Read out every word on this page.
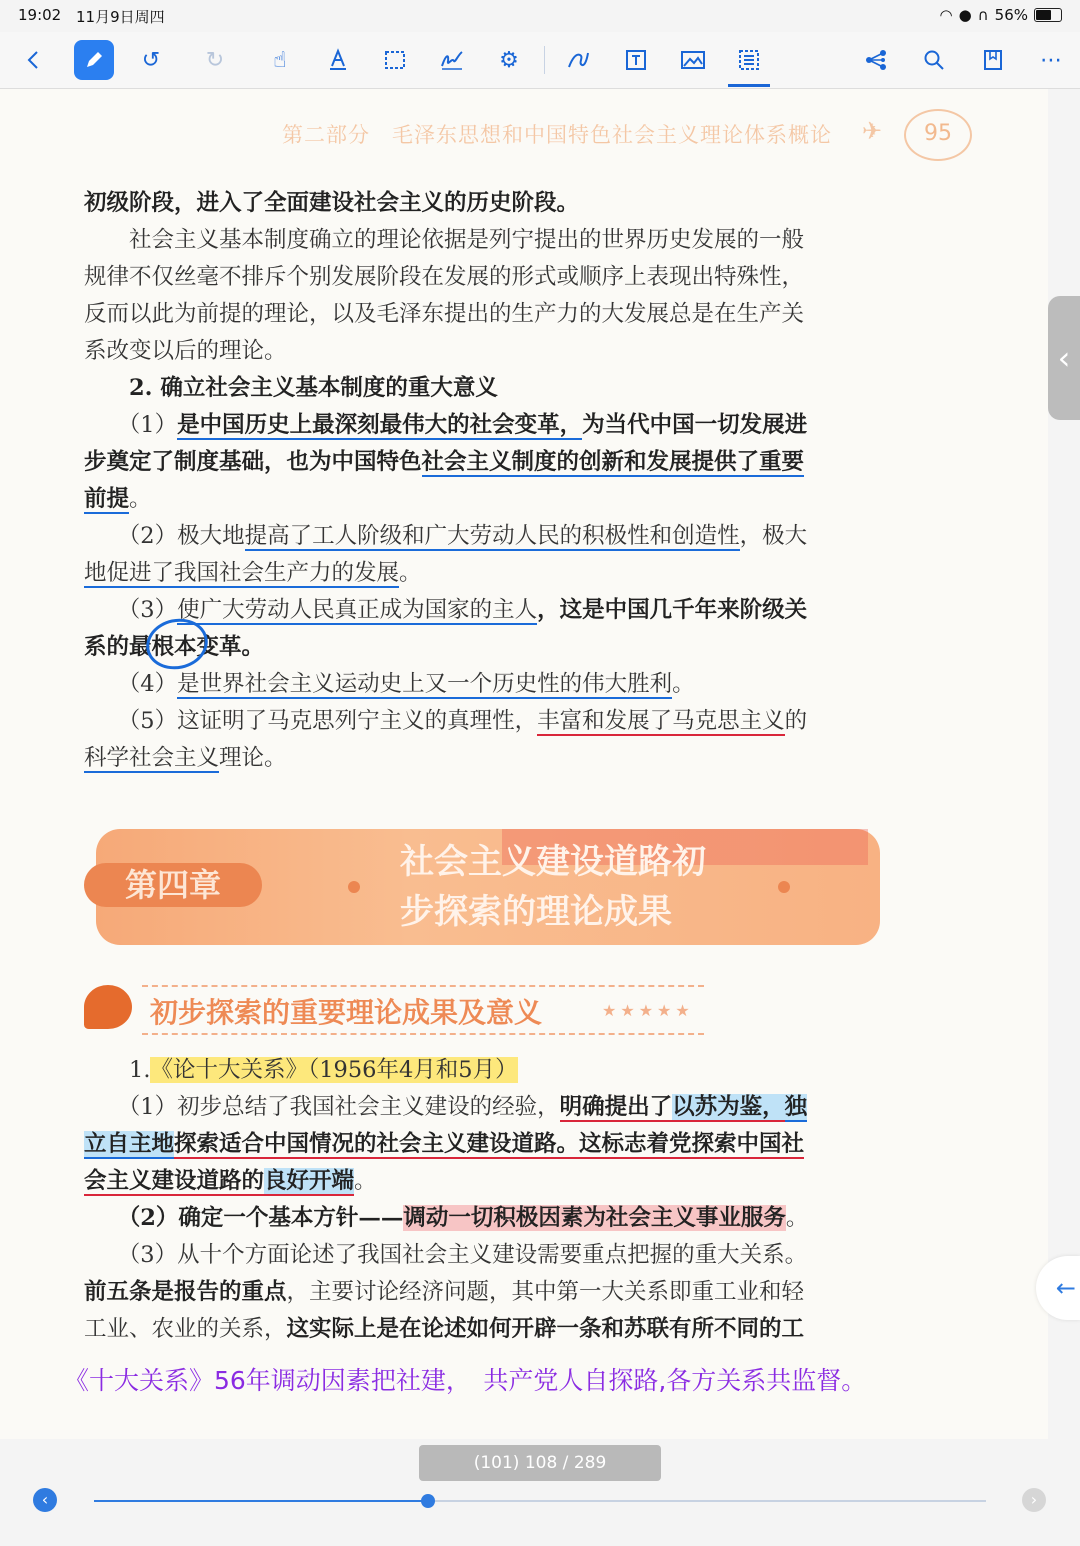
19:02 11月9日周四	◠ ● ∩ 56%
↺	↻	☝	⚙	⋯
第二部分　毛泽东思想和中国特色社会主义理论体系概论 ✈	95
初级阶段，进入了全面建设社会主义的历史阶段。
　　社会主义基本制度确立的理论依据是列宁提出的世界历史发展的一般
规律不仅丝毫不排斥个别发展阶段在发展的形式或顺序上表现出特殊性，
反而以此为前提的理论，以及毛泽东提出的生产力的大发展总是在生产关
系改变以后的理论。
　　2. 确立社会主义基本制度的重大意义
　　（1）是中国历史上最深刻最伟大的社会变革，为当代中国一切发展进
步奠定了制度基础，也为中国特色社会主义制度的创新和发展提供了重要
前提。
　　（2）极大地提高了工人阶级和广大劳动人民的积极性和创造性，极大
地促进了我国社会生产力的发展。
　　（3）使广大劳动人民真正成为国家的主人，这是中国几千年来阶级关
系的最根本变革。
　　（4）是世界社会主义运动史上又一个历史性的伟大胜利。
　　（5）这证明了马克思列宁主义的真理性，丰富和发展了马克思主义的
科学社会主义理论。
第四章
社会主义建设道路初
步探索的理论成果
初步探索的重要理论成果及意义	★★★★★
　　1.《论十大关系》（1956年4月和5月）
　　（1）初步总结了我国社会主义建设的经验，明确提出了以苏为鉴，独
立自主地探索适合中国情况的社会主义建设道路。这标志着党探索中国社
会主义建设道路的良好开端。
　　（2）确定一个基本方针——调动一切积极因素为社会主义事业服务。
　　（3）从十个方面论述了我国社会主义建设需要重点把握的重大关系。
前五条是报告的重点，主要讨论经济问题，其中第一大关系即重工业和轻
工业、农业的关系，这实际上是在论述如何开辟一条和苏联有所不同的工
《十大关系》56年调动因素把社建，　共产党人自探路,各方关系共监督。
‹
←
(101) 108 / 289
‹	›
